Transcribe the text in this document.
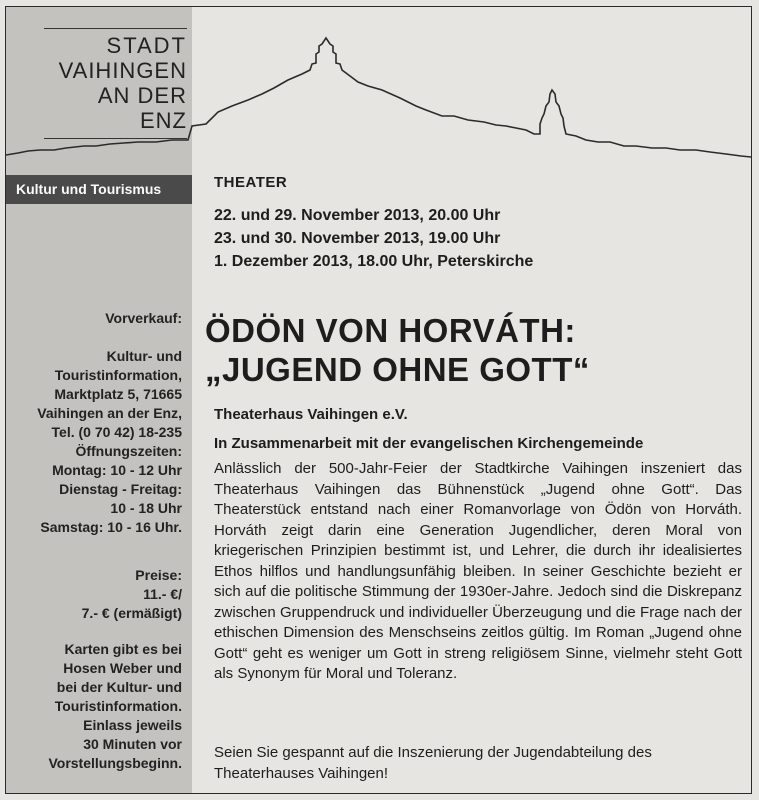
STADT
VAIHINGEN
AN DER ENZ
Kultur und Tourismus
Vorverkauf:
Kultur- und
Touristinformation,
Marktplatz 5, 71665
Vaihingen an der Enz,
Tel. (0 70 42) 18-235
Öffnungszeiten:
Montag: 10 - 12 Uhr
Dienstag - Freitag:
10 - 18 Uhr
Samstag: 10 - 16 Uhr.
Preise:
11.- €/
7.- € (ermäßigt)
Karten gibt es bei
Hosen Weber und
bei der Kultur- und
Touristinformation.
Einlass jeweils
30 Minuten vor
Vorstellungsbeginn.
THEATER
22. und 29. November 2013, 20.00 Uhr
23. und 30. November 2013, 19.00 Uhr
1. Dezember 2013, 18.00 Uhr, Peterskirche
ÖDÖN VON HORVÁTH:
„JUGEND OHNE GOTT“
Theaterhaus Vaihingen e.V.
In Zusammenarbeit mit der evangelischen Kirchengemeinde

Anlässlich der 500-Jahr-Feier der Stadtkirche Vaihingen inszeniert das Theaterhaus Vaihingen das Bühnenstück „Jugend ohne Gott“. Das Theaterstück entstand nach einer Romanvorlage von Ödön von Horváth. Horváth zeigt darin eine Generation Jugendlicher, deren Moral von kriegerischen Prinzipien bestimmt ist, und Lehrer, die durch ihr idealisiertes Ethos hilflos und handlungsunfähig bleiben. In seiner Geschichte bezieht er sich auf die politische Stimmung der 1930er-Jahre. Jedoch sind die Diskrepanz zwischen Gruppendruck und individueller Überzeugung und die Frage nach der ethischen Dimension des Menschseins zeitlos gültig. Im Roman „Jugend ohne Gott“ geht es weniger um Gott in streng religiösem Sinne, vielmehr steht Gott als Synonym für Moral und Toleranz.

Seien Sie gespannt auf die Inszenierung der Jugendabteilung des Theaterhauses Vaihingen!
